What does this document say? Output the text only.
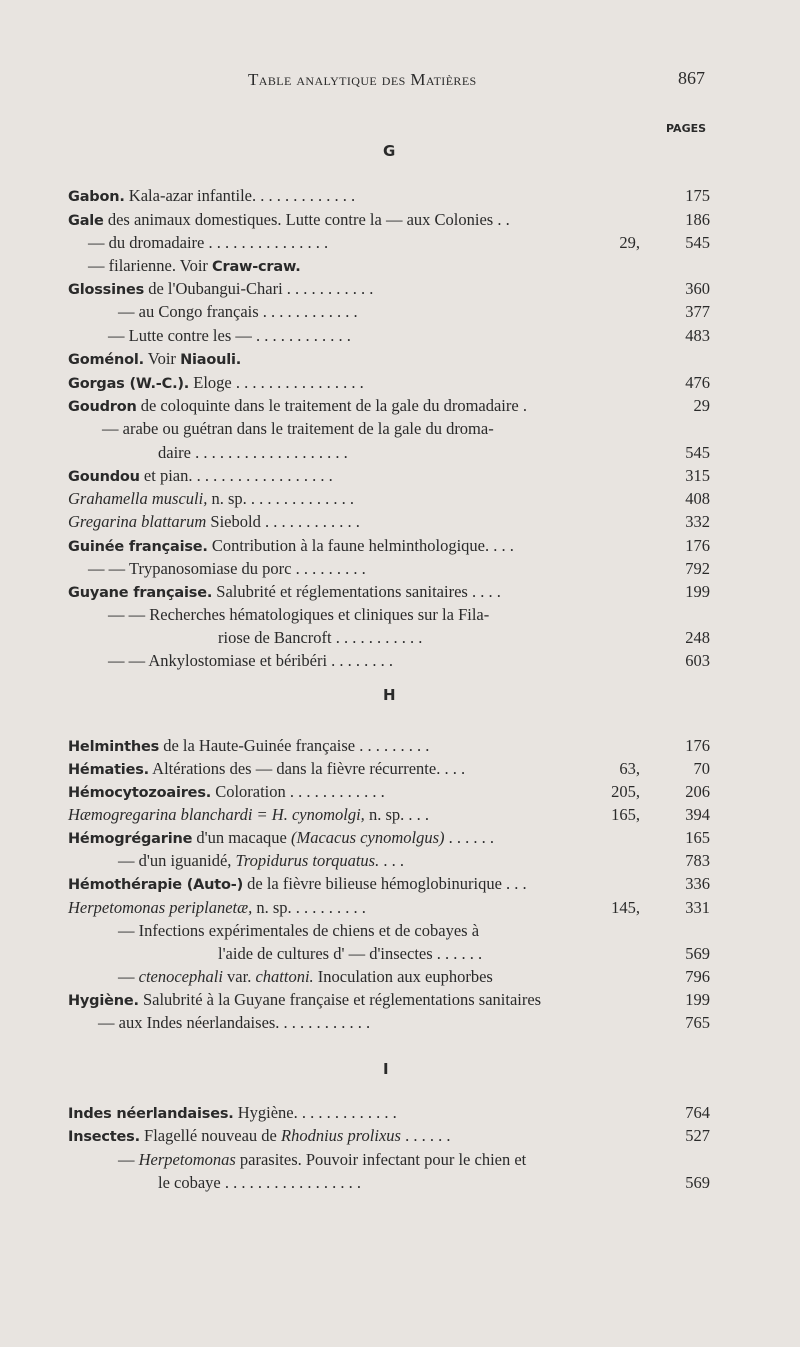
Table analytique des Matières	867
PAGES
G
H
I
Gabon. Kala-azar infantile. . . . . . . . . . . . .	175
Gale des animaux domestiques. Lutte contre la — aux Colonies . .	186
— du dromadaire . . . . . . . . . . . . . . .	29,	545
— filarienne. Voir Craw-craw.
Glossines de l'Oubangui-Chari . . . . . . . . . . .	360
— au Congo français . . . . . . . . . . . .	377
— Lutte contre les — . . . . . . . . . . . .	483
Goménol. Voir Niaouli.
Gorgas (W.-C.). Eloge . . . . . . . . . . . . . . . .	476
Goudron de coloquinte dans le traitement de la gale du dromadaire .	29
— arabe ou guétran dans le traitement de la gale du droma-
daire . . . . . . . . . . . . . . . . . . .	545
Goundou et pian. . . . . . . . . . . . . . . . . .	315
Grahamella musculi, n. sp. . . . . . . . . . . . . .	408
Gregarina blattarum Siebold . . . . . . . . . . . .	332
Guinée française. Contribution à la faune helminthologique. . . .	176
— — Trypanosomiase du porc . . . . . . . . .	792
Guyane française. Salubrité et réglementations sanitaires . . . .	199
— — Recherches hématologiques et cliniques sur la Fila-
riose de Bancroft . . . . . . . . . . .	248
— — Ankylostomiase et béribéri . . . . . . . .	603
Helminthes de la Haute-Guinée française . . . . . . . . .	176
Hématies. Altérations des — dans la fièvre récurrente. . . .	63,	70
Hémocytozoaires. Coloration . . . . . . . . . . . .	205,	206
Hæmogregarina blanchardi = H. cynomolgi, n. sp. . . .	165,	394
Hémogrégarine d'un macaque (Macacus cynomolgus) . . . . . .	165
— d'un iguanidé, Tropidurus torquatus. . . .	783
Hémothérapie (Auto-) de la fièvre bilieuse hémoglobinurique . . .	336
Herpetomonas periplanetæ, n. sp. . . . . . . . . .	145,	331
— Infections expérimentales de chiens et de cobayes à
l'aide de cultures d' — d'insectes . . . . . .	569
— ctenocephali var. chattoni. Inoculation aux euphorbes	796
Hygiène. Salubrité à la Guyane française et réglementations sanitaires	199
— aux Indes néerlandaises. . . . . . . . . . . .	765
Indes néerlandaises. Hygiène. . . . . . . . . . . . .	764
Insectes. Flagellé nouveau de Rhodnius prolixus . . . . . .	527
— Herpetomonas parasites. Pouvoir infectant pour le chien et
le cobaye . . . . . . . . . . . . . . . . .	569
